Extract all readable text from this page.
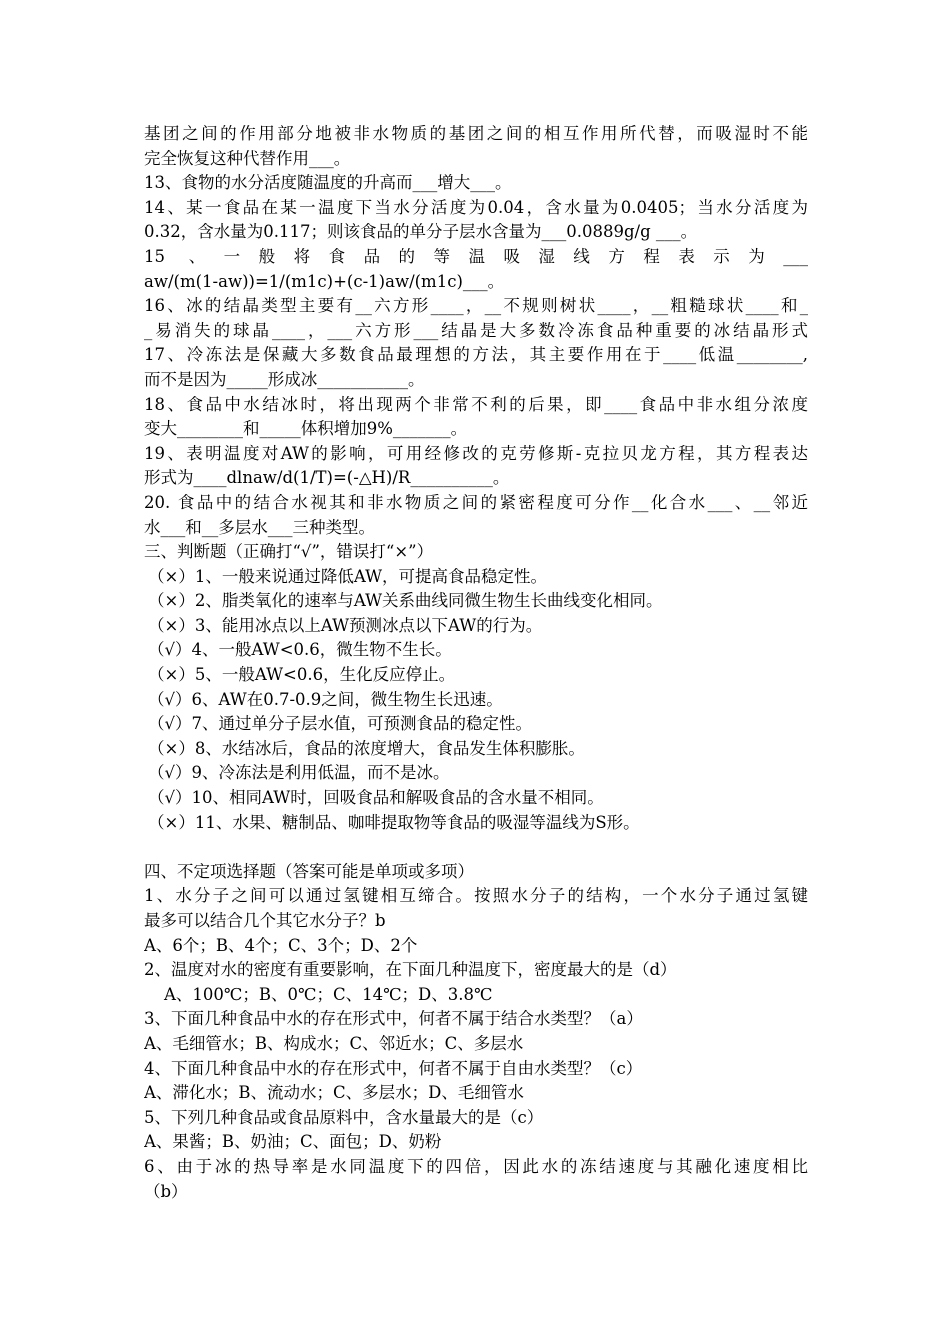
基团之间的作用部分地被非水物质的基团之间的相互作用所代替，而吸湿时不能
完全恢复这种代替作用___。
13、食物的水分活度随温度的升高而___增大___。
14、某一食品在某一温度下当水分活度为0.04，含水量为0.0405；当水分活度为
0.32，含水量为0.117；则该食品的单分子层水含量为___0.0889g/g ___。
15 、一般将食品的等温吸湿线方程表示为___
aw/(m(1-aw))=1/(m1c)+(c-1)aw/(m1c)___。
16、冰的结晶类型主要有__六方形____，__不规则树状____，__粗糙球状____和_
_易消失的球晶____，___六方形___结晶是大多数冷冻食品种重要的冰结晶形式
17、冷冻法是保藏大多数食品最理想的方法，其主要作用在于____低温________,
而不是因为_____形成冰___________。
18、食品中水结冰时，将出现两个非常不利的后果，即____食品中非水组分浓度
变大________和_____体积增加9%_______。
19、表明温度对AW的影响，可用经修改的克劳修斯-克拉贝龙方程，其方程表达
形式为____dlnaw/d(1/T)=(-△H)/R__________。
20. 食品中的结合水视其和非水物质之间的紧密程度可分作__化合水___、__邻近
水___和__多层水___三种类型。
三、判断题（正确打“√”，错误打“×”）
（×）1、一般来说通过降低AW，可提高食品稳定性。
（×）2、脂类氧化的速率与AW关系曲线同微生物生长曲线变化相同。
（×）3、能用冰点以上AW预测冰点以下AW的行为。
（√）4、一般AW<0.6，微生物不生长。
（×）5、一般AW<0.6，生化反应停止。
（√）6、AW在0.7-0.9之间，微生物生长迅速。
（√）7、通过单分子层水值，可预测食品的稳定性。
（×）8、水结冰后，食品的浓度增大，食品发生体积膨胀。
（√）9、冷冻法是利用低温，而不是冰。
（√）10、相同AW时，回吸食品和解吸食品的含水量不相同。
（×）11、水果、糖制品、咖啡提取物等食品的吸湿等温线为S形。
四、不定项选择题（答案可能是单项或多项）
1、水分子之间可以通过氢键相互缔合。按照水分子的结构，一个水分子通过氢键
最多可以结合几个其它水分子？b
A、6个；B、4个；C、3个；D、2个
2、温度对水的密度有重要影响，在下面几种温度下，密度最大的是（d）
A、100℃；B、0℃；C、14℃；D、3.8℃
3、下面几种食品中水的存在形式中，何者不属于结合水类型？（a）
A、毛细管水；B、构成水；C、邻近水；C、多层水
4、下面几种食品中水的存在形式中，何者不属于自由水类型？（c）
A、滞化水；B、流动水；C、多层水；D、毛细管水
5、下列几种食品或食品原料中，含水量最大的是（c）
A、果酱；B、奶油；C、面包；D、奶粉
6、由于冰的热导率是水同温度下的四倍，因此水的冻结速度与其融化速度相比
（b）
